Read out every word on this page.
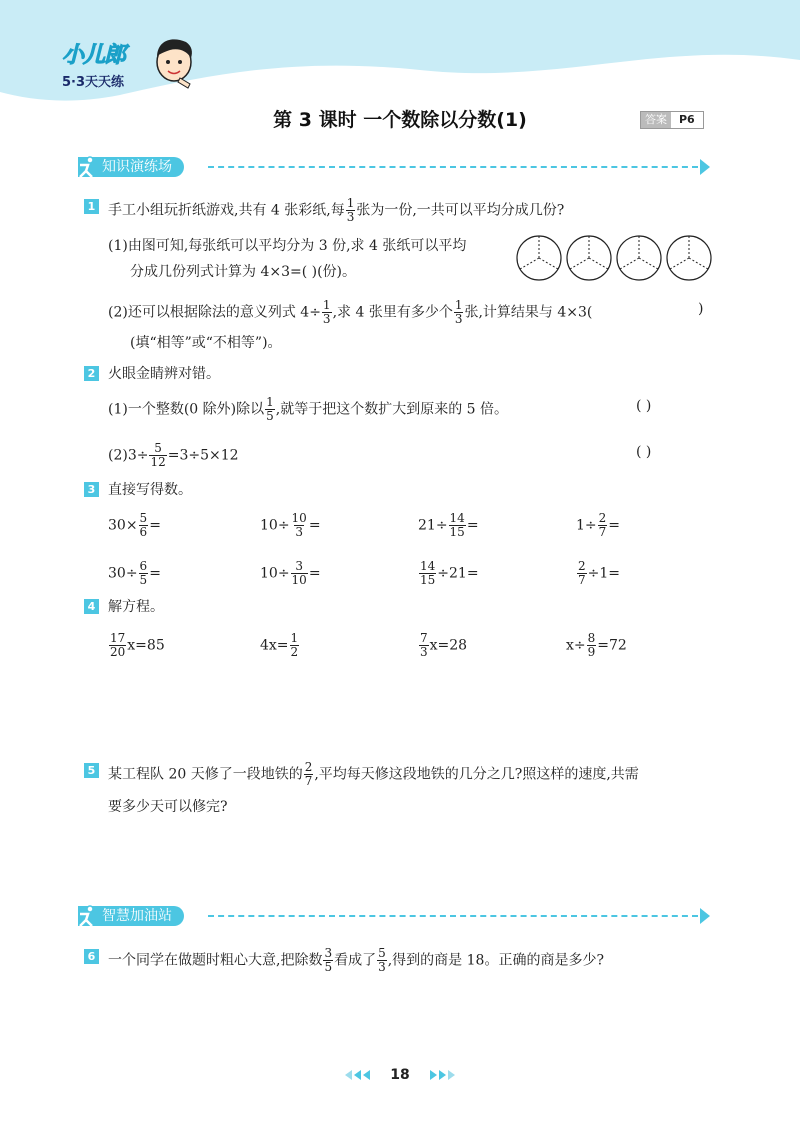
小儿郎
5·3天天练
第 3 课时 一个数除以分数(1)	答案	P6
知识演练场
1 手工小组玩折纸游戏,共有 4 张彩纸,每 $\frac{1}{3}$ 张为一份,一共可以平均分成几份?
(1)由图可知,每张纸可以平均分为 3 份,求 4 张纸可以平均
分成几份列式计算为 4×3=( )(份)。
(2)还可以根据除法的意义列式 $4\div \frac{1}{3}$ ,求 4 张里有多少个 $\frac{1}{3}$ 张,计算结果与 4×3(	)
(填“相等”或“不相等”)。
2 火眼金睛辨对错。
(1)一个整数(0 除外)除以 $\frac{1}{5}$ ,就等于把这个数扩大到原来的 5 倍。	( )
$(2)3\div \frac{5}{12} =3\div 5\times 12$	( )
3 直接写得数。
$30\times \frac{5}{6}$ =	$10\div \frac{10}{3}$ =	$21\div \frac{14}{15}$ =	$1\div \frac{2}{7}$ =
$30\div \frac{6}{5}$ =	$10\div \frac{3}{10}$ =	$\frac{14}{15} \div 21=$	$\frac{2}{7} \div 1=$
4 解方程。
$\frac{17}{20} x=85$	$4x= \frac{1}{2}$	$\frac{7}{3} x=28$	$x\div \frac{8}{9} =72$
5 某工程队 20 天修了一段地铁的 $\frac{2}{7}$ ,平均每天修这段地铁的几分之几?照这样的速度,共需
要多少天可以修完?
智慧加油站
6 一个同学在做题时粗心大意,把除数 $\frac{3}{5}$ 看成了 $\frac{5}{3}$ ,得到的商是 18。正确的商是多少?
18
